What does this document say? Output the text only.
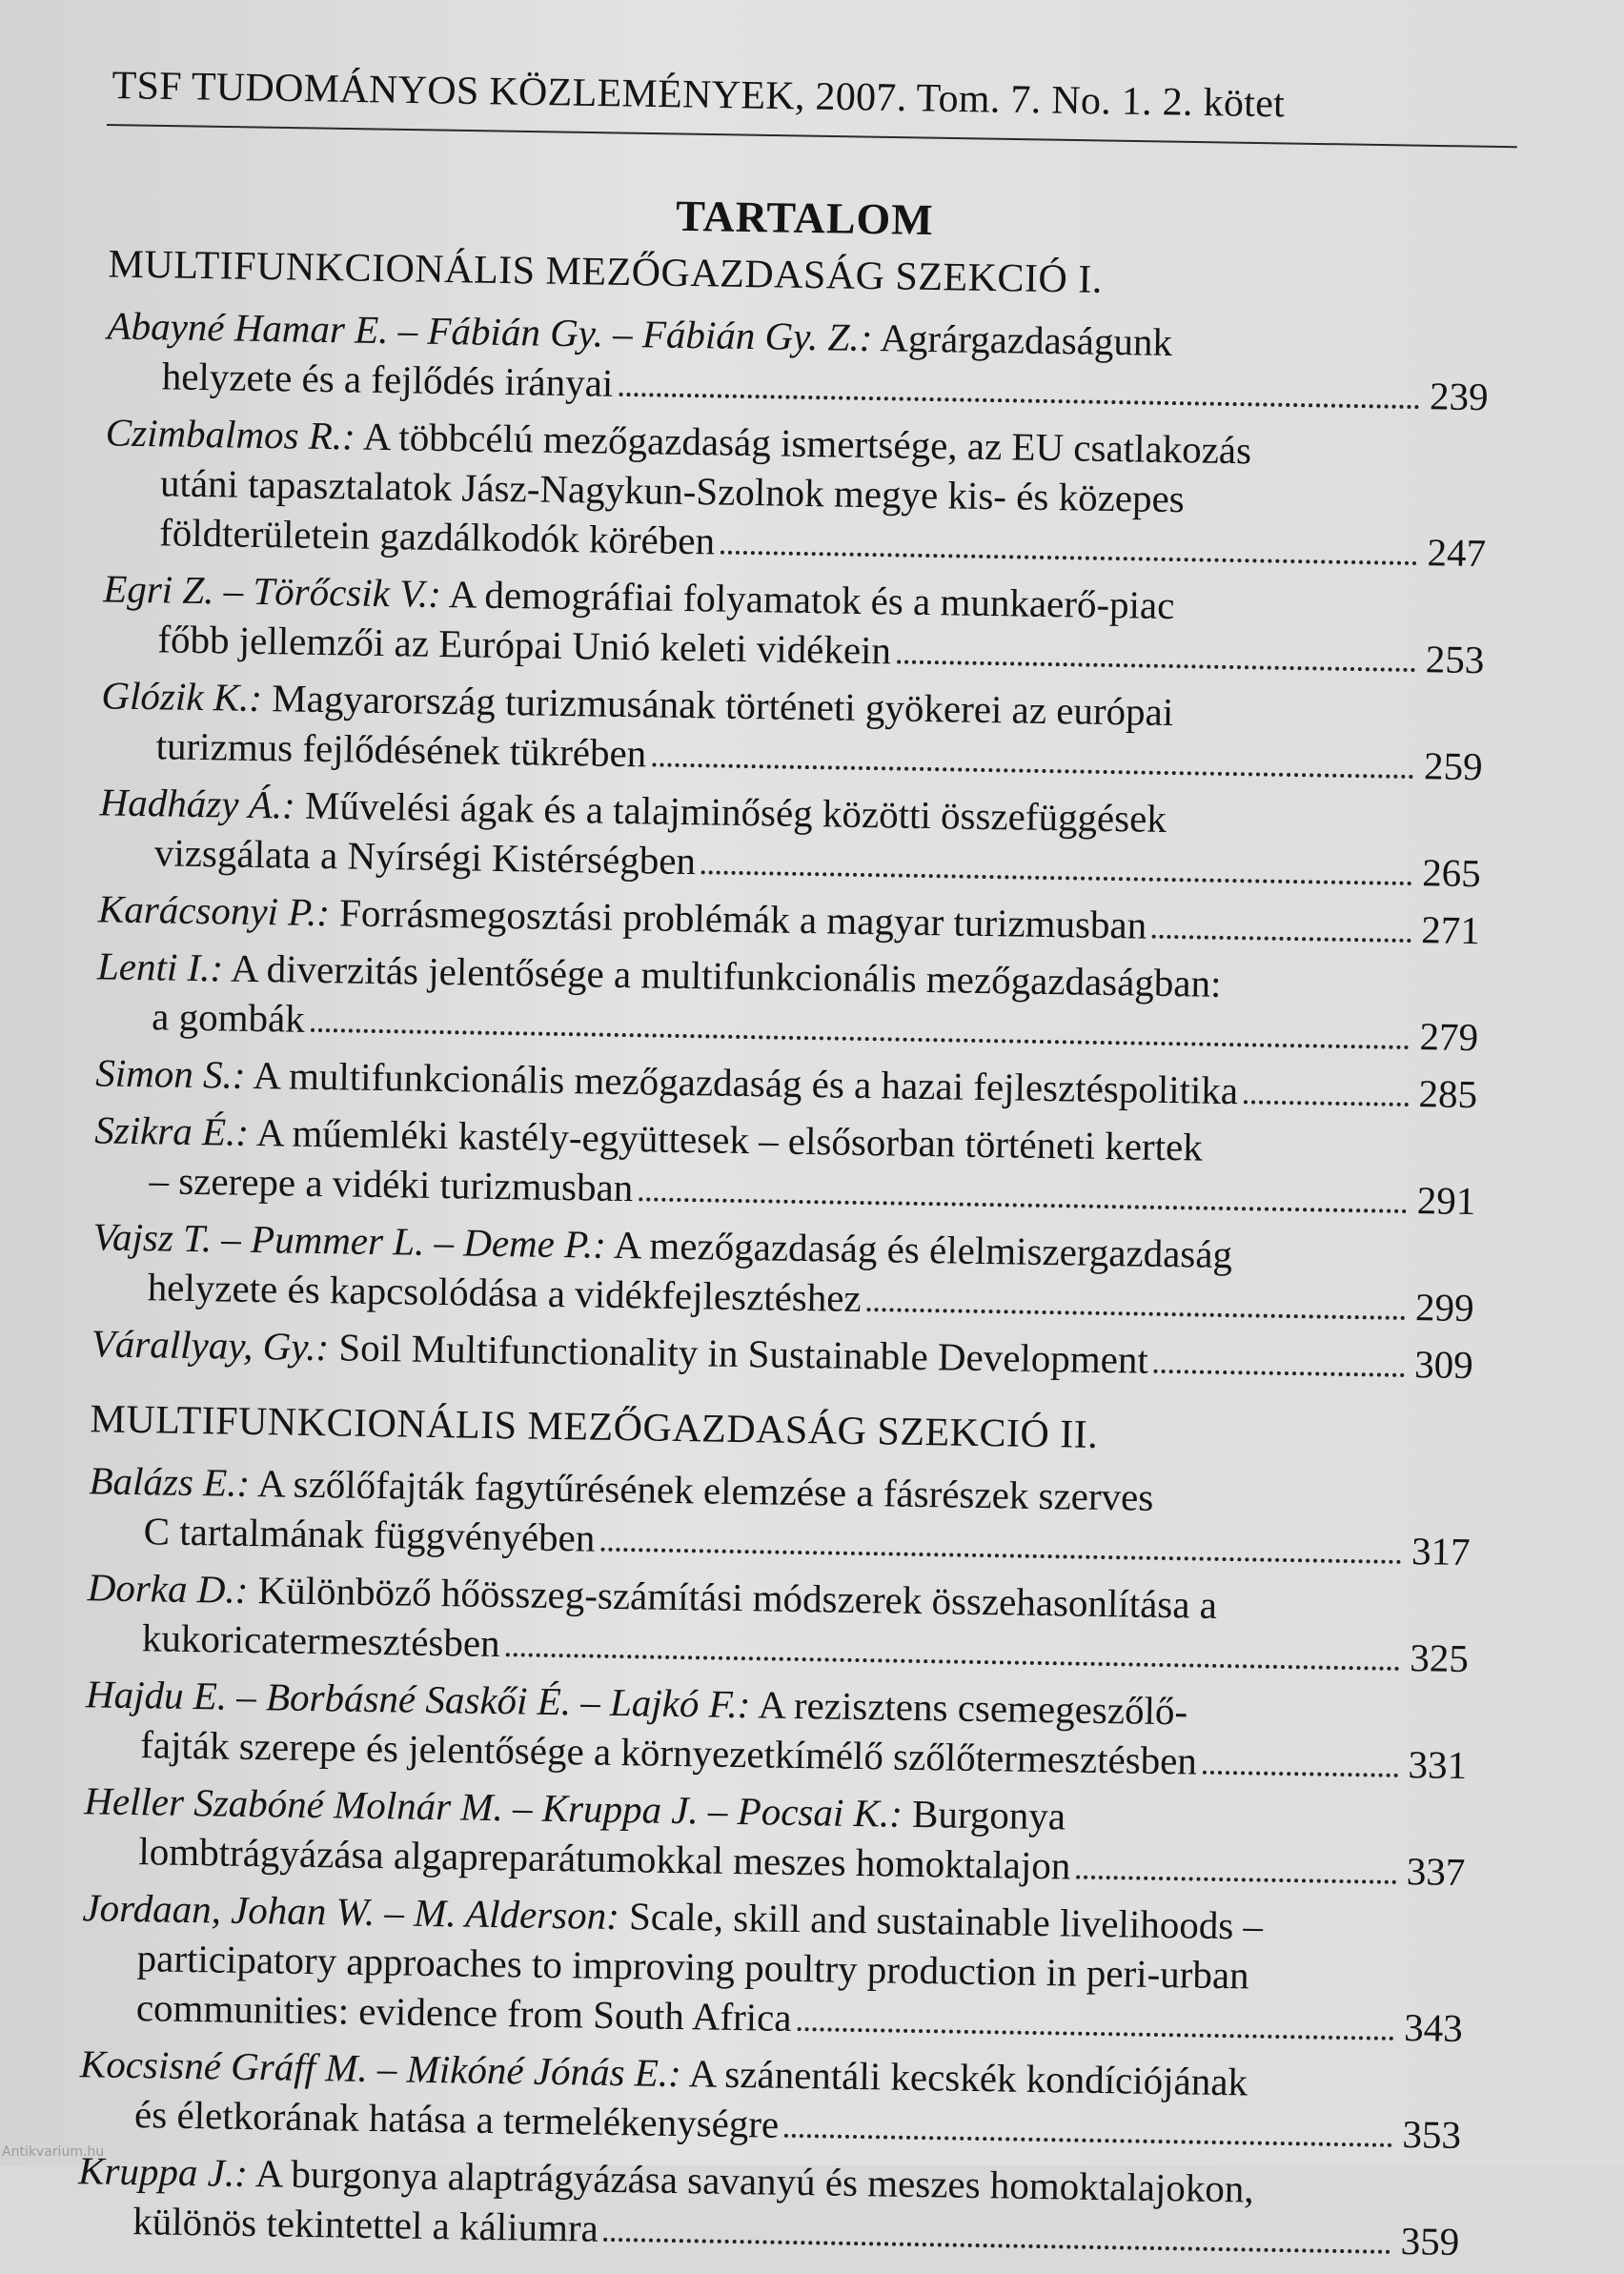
TSF TUDOMÁNYOS KÖZLEMÉNYEK, 2007. Tom. 7. No. 1. 2. kötet
TARTALOM
MULTIFUNKCIONÁLIS MEZŐGAZDASÁG SZEKCIÓ I.
Abayné Hamar E. – Fábián Gy. – Fábián Gy. Z.: Agrárgazdaságunk
helyzete és a fejlődés irányai	239
Czimbalmos R.: A többcélú mezőgazdaság ismertsége, az EU csatlakozás
utáni tapasztalatok Jász-Nagykun-Szolnok megye kis- és közepes
földterületein gazdálkodók körében	247
Egri Z. – Törőcsik V.: A demográfiai folyamatok és a munkaerő-piac
főbb jellemzői az Európai Unió keleti vidékein	253
Glózik K.: Magyarország turizmusának történeti gyökerei az európai
turizmus fejlődésének tükrében	259
Hadházy Á.: Művelési ágak és a talajminőség közötti összefüggések
vizsgálata a Nyírségi Kistérségben	265
Karácsonyi P.: Forrásmegosztási problémák a magyar turizmusban	271
Lenti I.: A diverzitás jelentősége a multifunkcionális mezőgazdaságban:
a gombák	279
Simon S.: A multifunkcionális mezőgazdaság és a hazai fejlesztéspolitika	285
Szikra É.: A műemléki kastély-együttesek – elsősorban történeti kertek
– szerepe a vidéki turizmusban	291
Vajsz T. – Pummer L. – Deme P.: A mezőgazdaság és élelmiszergazdaság
helyzete és kapcsolódása a vidékfejlesztéshez	299
Várallyay, Gy.: Soil Multifunctionality in Sustainable Development	309
MULTIFUNKCIONÁLIS MEZŐGAZDASÁG SZEKCIÓ II.
Balázs E.: A szőlőfajták fagytűrésének elemzése a fásrészek szerves
C tartalmának függvényében	317
Dorka D.: Különböző hőösszeg-számítási módszerek összehasonlítása a
kukoricatermesztésben	325
Hajdu E. – Borbásné Saskői É. – Lajkó F.: A rezisztens csemegeszőlő-
fajták szerepe és jelentősége a környezetkímélő szőlőtermesztésben	331
Heller Szabóné Molnár M. – Kruppa J. – Pocsai K.: Burgonya
lombtrágyázása algapreparátumokkal meszes homoktalajon	337
Jordaan, Johan W. – M. Alderson: Scale, skill and sustainable livelihoods –
participatory approaches to improving poultry production in peri-urban
communities: evidence from South Africa	343
Kocsisné Gráff M. – Mikóné Jónás E.: A szánentáli kecskék kondíciójának
és életkorának hatása a termelékenységre	353
Kruppa J.: A burgonya alaptrágyázása savanyú és meszes homoktalajokon,
különös tekintettel a káliumra	359
Antikvarium.hu
